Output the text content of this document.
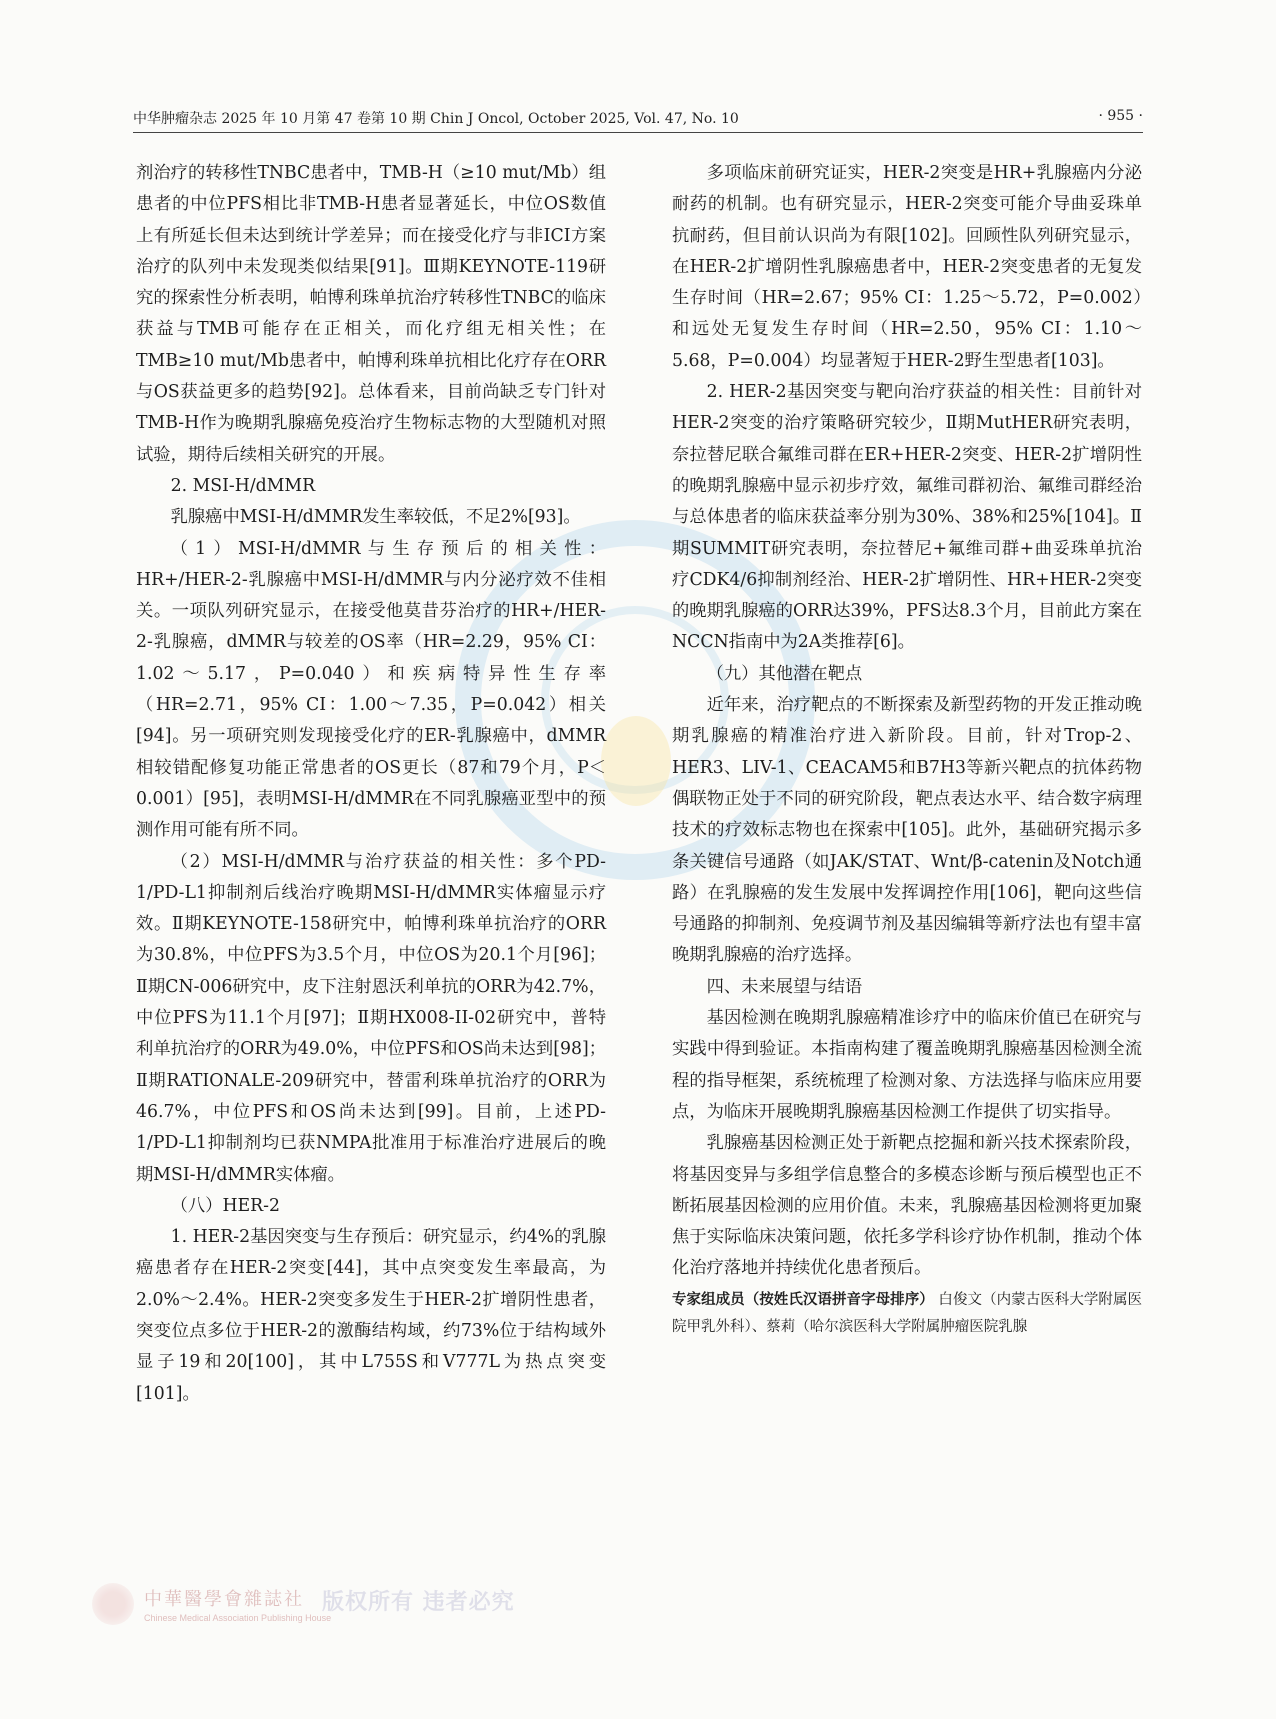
中华肿瘤杂志 2025 年 10 月第 47 卷第 10 期 Chin J Oncol, October 2025, Vol. 47, No. 10	· 955 ·

剂治疗的转移性TNBC患者中，TMB-H（≥10 mut/Mb）组患者的中位PFS相比非TMB-H患者显著延长，中位OS数值上有所延长但未达到统计学差异；而在接受化疗与非ICI方案治疗的队列中未发现类似结果[91]。Ⅲ期KEYNOTE-119研究的探索性分析表明，帕博利珠单抗治疗转移性TNBC的临床获益与TMB可能存在正相关，而化疗组无相关性；在TMB≥10 mut/Mb患者中，帕博利珠单抗相比化疗存在ORR与OS获益更多的趋势[92]。总体看来，目前尚缺乏专门针对TMB-H作为晚期乳腺癌免疫治疗生物标志物的大型随机对照试验，期待后续相关研究的开展。

2. MSI-H/dMMR

乳腺癌中MSI-H/dMMR发生率较低，不足2%[93]。

（1）MSI-H/dMMR与生存预后的相关性：HR+/HER-2-乳腺癌中MSI-H/dMMR与内分泌疗效不佳相关。一项队列研究显示，在接受他莫昔芬治疗的HR+/HER-2-乳腺癌，dMMR与较差的OS率（HR=2.29，95% CI：1.02～5.17，P=0.040）和疾病特异性生存率（HR=2.71，95% CI：1.00～7.35，P=0.042）相关[94]。另一项研究则发现接受化疗的ER-乳腺癌中，dMMR相较错配修复功能正常患者的OS更长（87和79个月，P＜0.001）[95]，表明MSI-H/dMMR在不同乳腺癌亚型中的预测作用可能有所不同。

（2）MSI-H/dMMR与治疗获益的相关性：多个PD-1/PD-L1抑制剂后线治疗晚期MSI-H/dMMR实体瘤显示疗效。Ⅱ期KEYNOTE-158研究中，帕博利珠单抗治疗的ORR为30.8%，中位PFS为3.5个月，中位OS为20.1个月[96]；Ⅱ期CN-006研究中，皮下注射恩沃利单抗的ORR为42.7%，中位PFS为11.1个月[97]；Ⅱ期HX008-II-02研究中，普特利单抗治疗的ORR为49.0%，中位PFS和OS尚未达到[98]；Ⅱ期RATIONALE-209研究中，替雷利珠单抗治疗的ORR为46.7%，中位PFS和OS尚未达到[99]。目前，上述PD-1/PD-L1抑制剂均已获NMPA批准用于标准治疗进展后的晚期MSI-H/dMMR实体瘤。

（八）HER-2

1. HER-2基因突变与生存预后：研究显示，约4%的乳腺癌患者存在HER-2突变[44]，其中点突变发生率最高，为2.0%～2.4%。HER-2突变多发生于HER-2扩增阴性患者，突变位点多位于HER-2的激酶结构域，约73%位于结构域外显子19和20[100]，其中L755S和V777L为热点突变[101]。

多项临床前研究证实，HER-2突变是HR+乳腺癌内分泌耐药的机制。也有研究显示，HER-2突变可能介导曲妥珠单抗耐药，但目前认识尚为有限[102]。回顾性队列研究显示，在HER-2扩增阴性乳腺癌患者中，HER-2突变患者的无复发生存时间（HR=2.67；95% CI：1.25～5.72，P=0.002）和远处无复发生存时间（HR=2.50，95% CI：1.10～5.68，P=0.004）均显著短于HER-2野生型患者[103]。

2. HER-2基因突变与靶向治疗获益的相关性：目前针对HER-2突变的治疗策略研究较少，Ⅱ期MutHER研究表明，奈拉替尼联合氟维司群在ER+HER-2突变、HER-2扩增阴性的晚期乳腺癌中显示初步疗效，氟维司群初治、氟维司群经治与总体患者的临床获益率分别为30%、38%和25%[104]。Ⅱ期SUMMIT研究表明，奈拉替尼+氟维司群+曲妥珠单抗治疗CDK4/6抑制剂经治、HER-2扩增阴性、HR+HER-2突变的晚期乳腺癌的ORR达39%，PFS达8.3个月，目前此方案在NCCN指南中为2A类推荐[6]。

（九）其他潜在靶点

近年来，治疗靶点的不断探索及新型药物的开发正推动晚期乳腺癌的精准治疗进入新阶段。目前，针对Trop-2、HER3、LIV-1、CEACAM5和B7H3等新兴靶点的抗体药物偶联物正处于不同的研究阶段，靶点表达水平、结合数字病理技术的疗效标志物也在探索中[105]。此外，基础研究揭示多条关键信号通路（如JAK/STAT、Wnt/β-catenin及Notch通路）在乳腺癌的发生发展中发挥调控作用[106]，靶向这些信号通路的抑制剂、免疫调节剂及基因编辑等新疗法也有望丰富晚期乳腺癌的治疗选择。

四、未来展望与结语

基因检测在晚期乳腺癌精准诊疗中的临床价值已在研究与实践中得到验证。本指南构建了覆盖晚期乳腺癌基因检测全流程的指导框架，系统梳理了检测对象、方法选择与临床应用要点，为临床开展晚期乳腺癌基因检测工作提供了切实指导。

乳腺癌基因检测正处于新靶点挖掘和新兴技术探索阶段，将基因变异与多组学信息整合的多模态诊断与预后模型也正不断拓展基因检测的应用价值。未来，乳腺癌基因检测将更加聚焦于实际临床决策问题，依托多学科诊疗协作机制，推动个体化治疗落地并持续优化患者预后。

专家组成员（按姓氏汉语拼音字母排序） 白俊文（内蒙古医科大学附属医院甲乳外科）、蔡莉（哈尔滨医科大学附属肿瘤医院乳腺

中華醫學會雜誌社
Chinese Medical Association Publishing House
版权所有 违者必究
